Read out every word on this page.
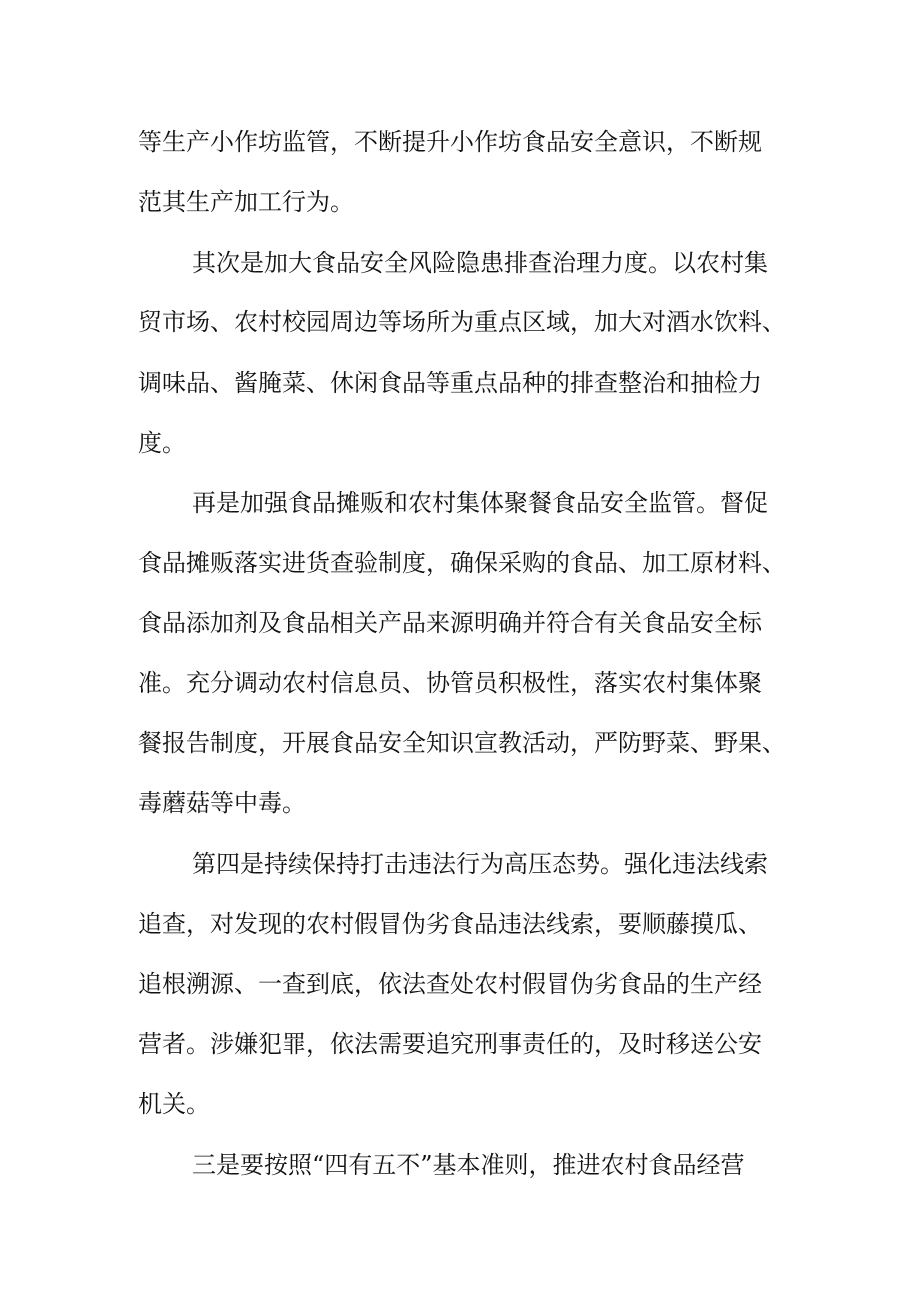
等生产小作坊监管，不断提升小作坊食品安全意识，不断规
范其生产加工行为。
其次是加大食品安全风险隐患排查治理力度。以农村集
贸市场、农村校园周边等场所为重点区域，加大对酒水饮料、
调味品、酱腌菜、休闲食品等重点品种的排查整治和抽检力
度。
再是加强食品摊贩和农村集体聚餐食品安全监管。督促
食品摊贩落实进货查验制度，确保采购的食品、加工原材料、
食品添加剂及食品相关产品来源明确并符合有关食品安全标
准。充分调动农村信息员、协管员积极性，落实农村集体聚
餐报告制度，开展食品安全知识宣教活动，严防野菜、野果、
毒蘑菇等中毒。
第四是持续保持打击违法行为高压态势。强化违法线索
追查，对发现的农村假冒伪劣食品违法线索，要顺藤摸瓜、
追根溯源、一查到底，依法查处农村假冒伪劣食品的生产经
营者。涉嫌犯罪，依法需要追究刑事责任的，及时移送公安
机关。
三是要按照“四有五不”基本准则，推进农村食品经营
